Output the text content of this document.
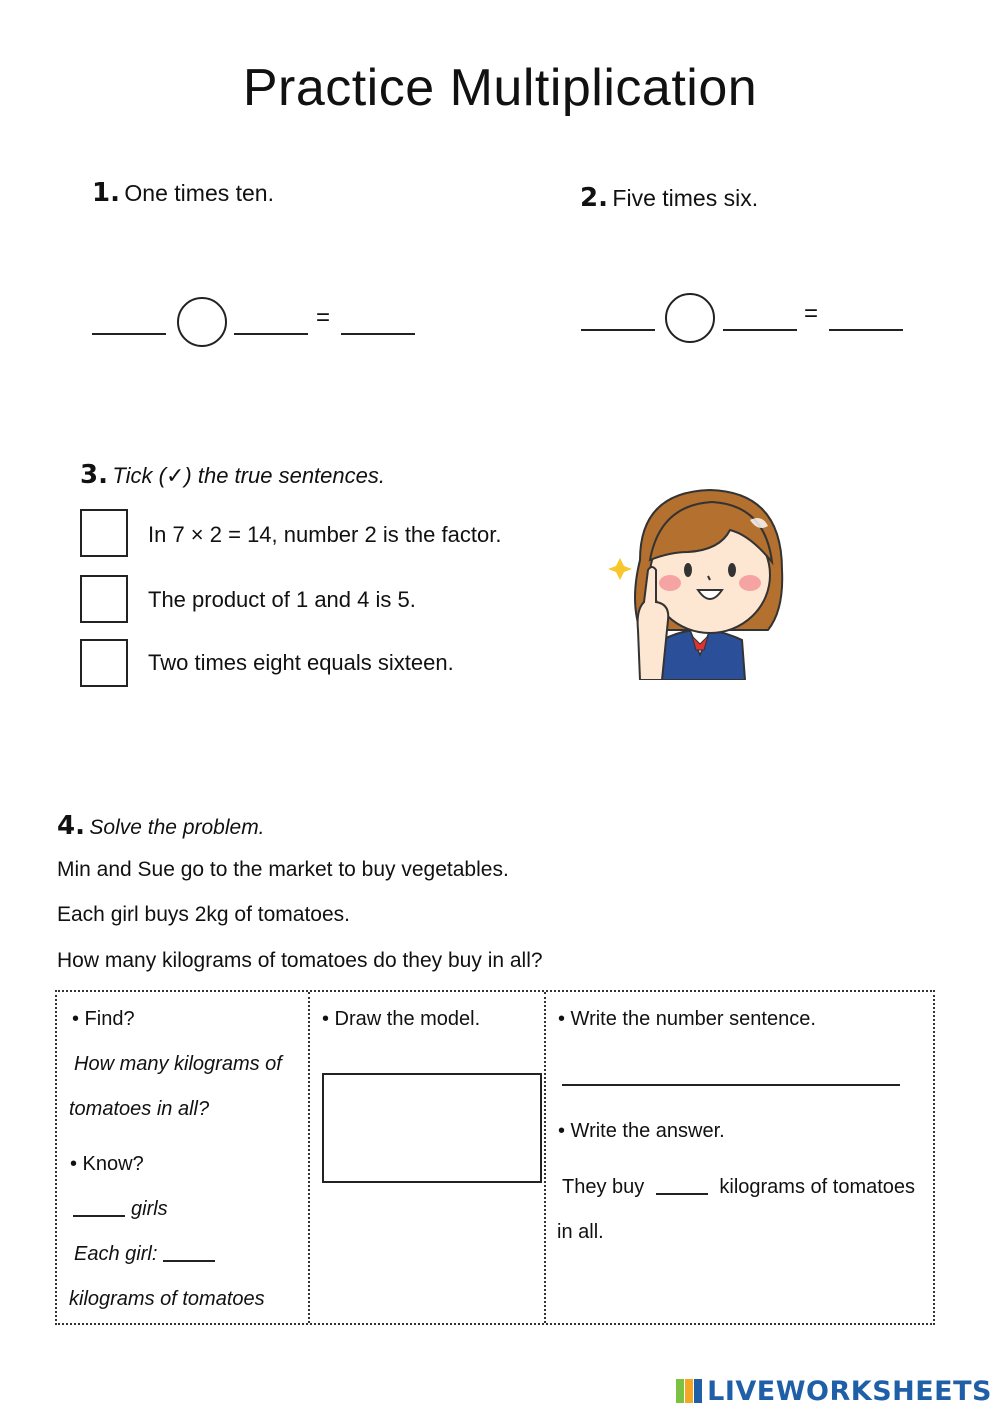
Practice Multiplication
1. One times ten.
=
2. Five times six.
=
3. Tick (✓) the true sentences.
In 7 × 2 = 14, number 2 is the factor.
The product of 1 and 4 is 5.
Two times eight equals sixteen.
4. Solve the problem.
Min and Sue go to the market to buy vegetables.
Each girl buys 2kg of tomatoes.
How many kilograms of tomatoes do they buy in all?
• Find?
How many kilograms of
tomatoes in all?
• Know?
girls
Each girl:
kilograms of tomatoes
• Draw the model.	• Write the number sentence.
• Write the answer.
They buy	kilograms of tomatoes
in all.
LIVEWORKSHEETS
